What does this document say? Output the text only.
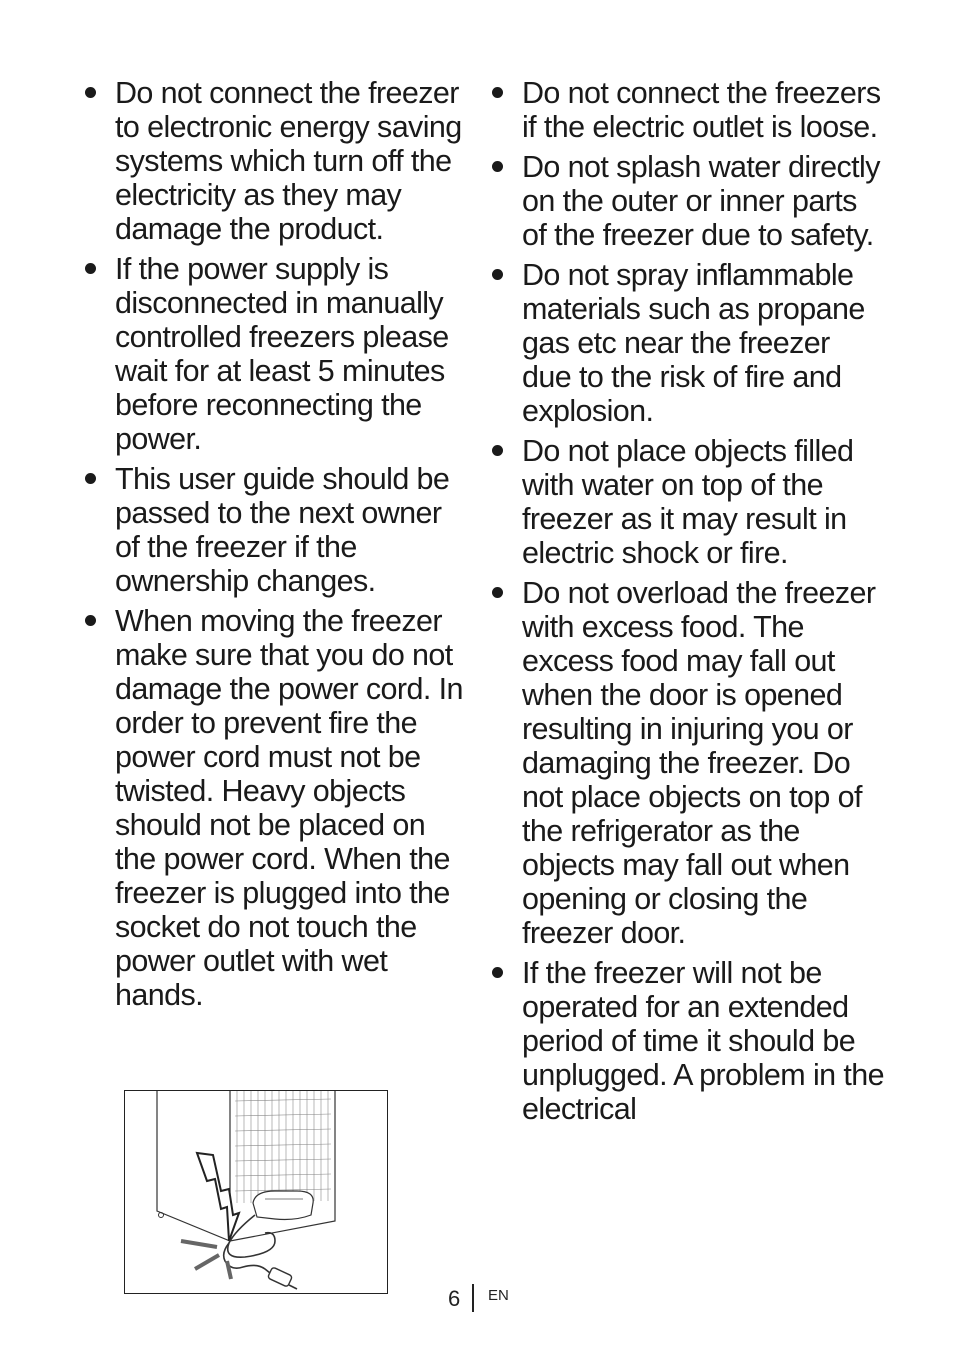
Do not connect the freezer to electronic energy saving systems which turn off the electricity as they may damage the product.
If the power supply is disconnected in manually controlled freezers please wait for at least 5 minutes before reconnecting the power.
This user guide should be passed to the next owner of the freezer if the ownership changes.
When moving the freezer make sure that you do not damage the power cord. In order to prevent fire the power cord must not be twisted. Heavy objects should not be placed on the power cord. When the freezer is plugged into the socket do not touch the power outlet with wet hands.
Do not connect the freezers if the electric outlet is loose.
Do not splash water directly on the outer or inner parts of the freezer due to safety.
Do not spray inflammable materials such as propane gas etc near the freezer due to the risk of fire and explosion.
Do not place objects filled with water on top of the freezer as it may result in electric shock or fire.
Do not overload the freezer with excess food. The excess food may fall out when the door is opened resulting in injuring you or damaging the freezer. Do not place objects on top of the refrigerator as the objects may fall out when opening or closing the freezer door.
If the freezer will not be operated for an extended period of time it should be unplugged. A problem in the electrical
6 EN
